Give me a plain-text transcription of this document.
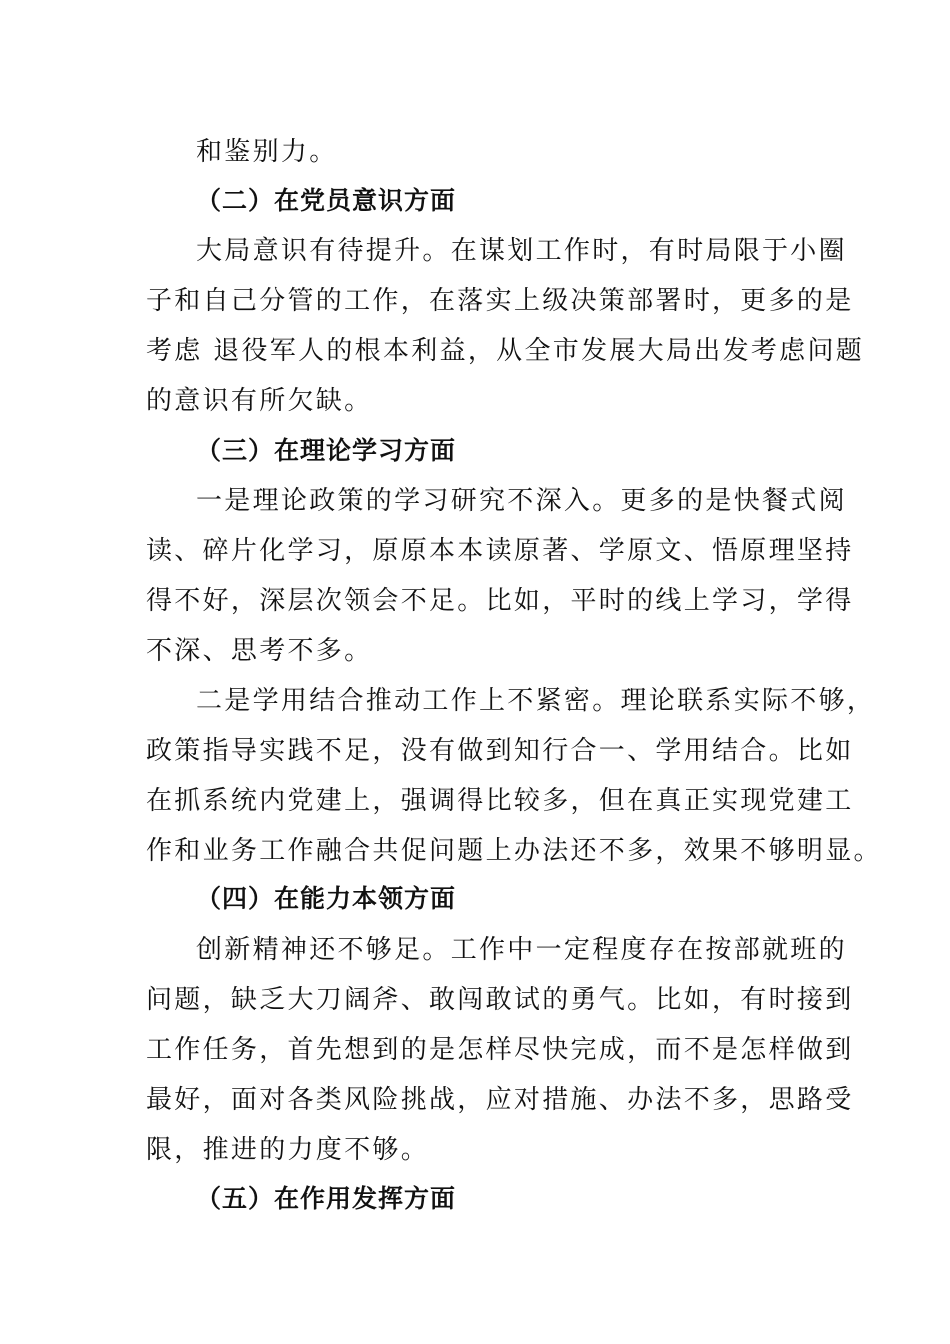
和鉴别力。
（二）在党员意识方面
大局意识有待提升。在谋划工作时，有时局限于小圈
子和自己分管的工作，在落实上级决策部署时，更多的是
考虑 退役军人的根本利益，从全市发展大局出发考虑问题
的意识有所欠缺。
（三）在理论学习方面
一是理论政策的学习研究不深入。更多的是快餐式阅
读、碎片化学习，原原本本读原著、学原文、悟原理坚持
得不好，深层次领会不足。比如，平时的线上学习，学得
不深、思考不多。
二是学用结合推动工作上不紧密。理论联系实际不够，
政策指导实践不足，没有做到知行合一、学用结合。比如
在抓系统内党建上，强调得比较多，但在真正实现党建工
作和业务工作融合共促问题上办法还不多，效果不够明显。
（四）在能力本领方面
创新精神还不够足。工作中一定程度存在按部就班的
问题，缺乏大刀阔斧、敢闯敢试的勇气。比如，有时接到
工作任务，首先想到的是怎样尽快完成，而不是怎样做到
最好，面对各类风险挑战，应对措施、办法不多，思路受
限，推进的力度不够。
（五）在作用发挥方面
